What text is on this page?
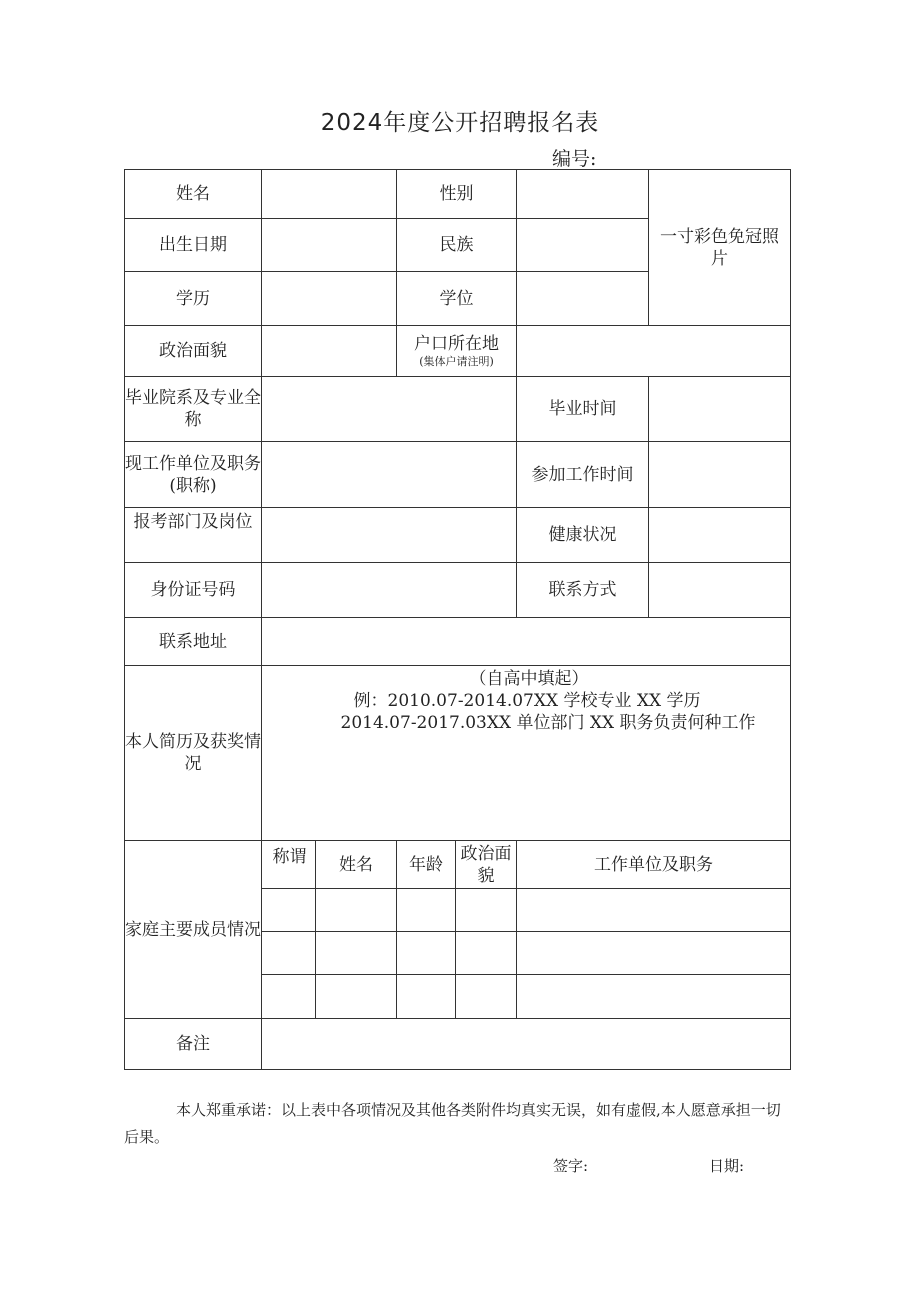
2024年度公开招聘报名表
编号:
姓名			性别			一寸彩色免冠照片

出生日期			民族			
学历			学位			
政治面貌			户口所在地
(集体户请注明)			

毕业院系及专业全称					毕业时间	
现工作单位及职务(职称)					参加工作时间	
报考部门及岗位					健康状况	
身份证号码					联系方式	
联系地址						
本人简历及获奖情况	（自高中填起）
例：2010.07-2014.07XX 学校专业 XX 学历
2014.07-2017.03XX 单位部门 XX 职务负责何种工作					

家庭主要成员情况	称谓	姓名	年龄	政治面貌	工作单位及职务	

备注						
本人郑重承诺：以上表中各项情况及其他各类附件均真实无误，如有虚假,本人愿意承担一切后果。
签字:	日期:
